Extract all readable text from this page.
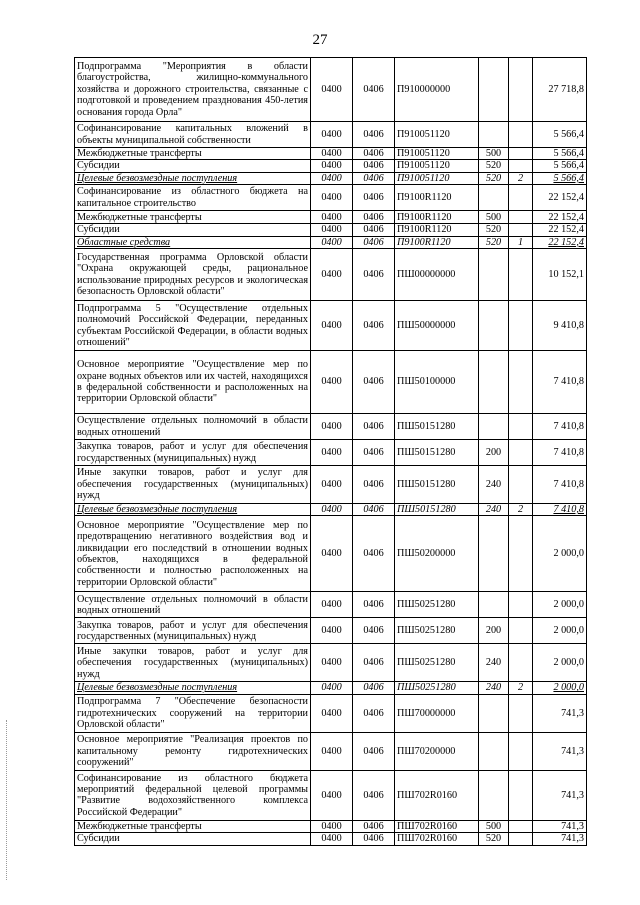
27
Подпрограмма "Мероприятия в области благоустройства, жилищно-коммунального хозяйства и дорожного строительства, связанные с подготовкой и проведением празднования 450-летия основания города Орла"	0400	0406	П910000000			27 718,8
Софинансирование капитальных вложений в объекты муниципальной собственности	0400	0406	П910051120			5 566,4
Межбюджетные трансферты	0400	0406	П910051120	500		5 566,4
Субсидии	0400	0406	П910051120	520		5 566,4
Целевые безвозмездные поступления	0400	0406	П910051120	520	2	5 566,4
Софинансирование из областного бюджета на капитальное строительство	0400	0406	П9100R1120			22 152,4
Межбюджетные трансферты	0400	0406	П9100R1120	500		22 152,4
Субсидии	0400	0406	П9100R1120	520		22 152,4
Областные средства	0400	0406	П9100R1120	520	1	22 152,4
Государственная программа Орловской области "Охрана окружающей среды, рациональное использование природных ресурсов и экологическая безопасность Орловской области"	0400	0406	ПШ00000000			10 152,1
Подпрограмма 5 "Осуществление отдельных полномочий Российской Федерации, переданных субъектам Российской Федерации, в области водных отношений"	0400	0406	ПШ50000000			9 410,8
Основное мероприятие "Осуществление мер по охране водных объектов или их частей, находящихся в федеральной собственности и расположенных на территории Орловской области"	0400	0406	ПШ50100000			7 410,8
Осуществление отдельных полномочий в области водных отношений	0400	0406	ПШ50151280			7 410,8
Закупка товаров, работ и услуг для обеспечения государственных (муниципальных) нужд	0400	0406	ПШ50151280	200		7 410,8
Иные закупки товаров, работ и услуг для обеспечения государственных (муниципальных) нужд	0400	0406	ПШ50151280	240		7 410,8
Целевые безвозмездные поступления	0400	0406	ПШ50151280	240	2	7 410,8
Основное мероприятие "Осуществление мер по предотвращению негативного воздействия вод и ликвидации его последствий в отношении водных объектов, находящихся в федеральной собственности и полностью расположенных на территории Орловской области"	0400	0406	ПШ50200000			2 000,0
Осуществление отдельных полномочий в области водных отношений	0400	0406	ПШ50251280			2 000,0
Закупка товаров, работ и услуг для обеспечения государственных (муниципальных) нужд	0400	0406	ПШ50251280	200		2 000,0
Иные закупки товаров, работ и услуг для обеспечения государственных (муниципальных) нужд	0400	0406	ПШ50251280	240		2 000,0
Целевые безвозмездные поступления	0400	0406	ПШ50251280	240	2	2 000,0
Подпрограмма 7 "Обеспечение безопасности гидротехнических сооружений на территории Орловской области"	0400	0406	ПШ70000000			741,3
Основное мероприятие "Реализация проектов по капитальному ремонту гидротехнических сооружений"	0400	0406	ПШ70200000			741,3
Софинансирование из областного бюджета мероприятий федеральной целевой программы "Развитие водохозяйственного комплекса Российской Федерации"	0400	0406	ПШ702R0160			741,3
Межбюджетные трансферты	0400	0406	ПШ702R0160	500		741,3
Субсидии	0400	0406	ПШ702R0160	520		741,3
